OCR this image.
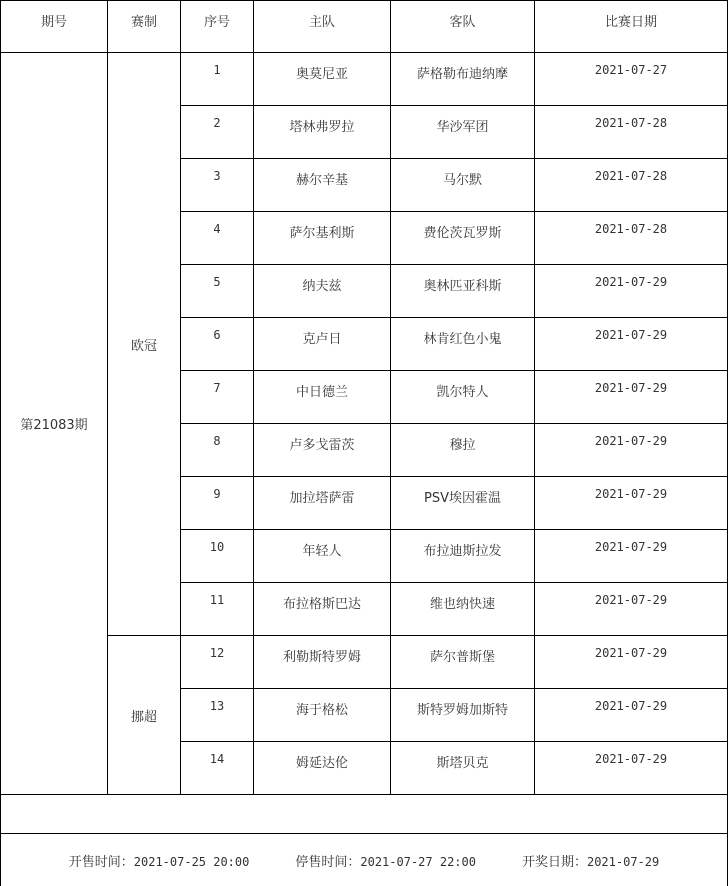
期号	赛制	序号	主队	客队	比赛日期
第21083期	欧冠	1	奥莫尼亚	萨格勒布迪纳摩	2021-07-27
		2	塔林弗罗拉	华沙军团	2021-07-28
		3	赫尔辛基	马尔默	2021-07-28
		4	萨尔基利斯	费伦茨瓦罗斯	2021-07-28
		5	纳夫兹	奥林匹亚科斯	2021-07-29
		6	克卢日	林肯红色小鬼	2021-07-29
		7	中日德兰	凯尔特人	2021-07-29
		8	卢多戈雷茨	穆拉	2021-07-29
		9	加拉塔萨雷	PSV埃因霍温	2021-07-29
		10	年轻人	布拉迪斯拉发	2021-07-29
		11	布拉格斯巴达	维也纳快速	2021-07-29
	挪超	12	利勒斯特罗姆	萨尔普斯堡	2021-07-29
		13	海于格松	斯特罗姆加斯特	2021-07-29
		14	姆延达伦	斯塔贝克	2021-07-29

开售时间：2021-07-25 20:00 停售时间：2021-07-27 22:00 开奖日期：2021-07-29					
